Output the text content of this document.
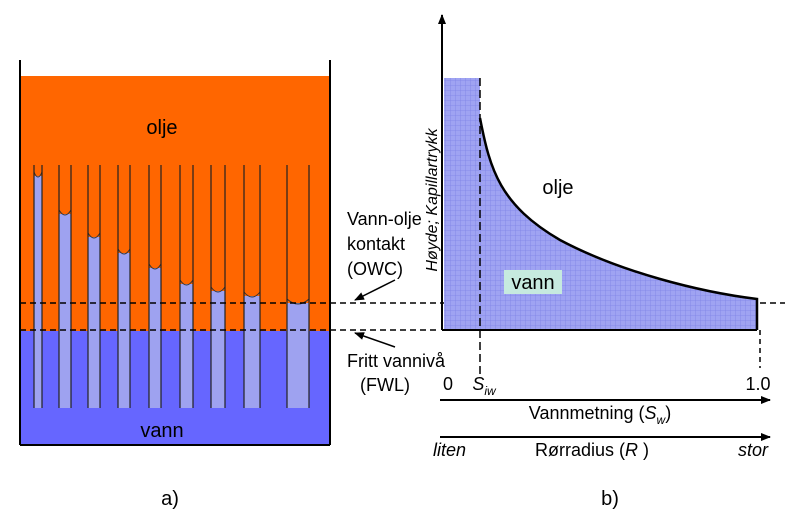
olje
vann
Vann-olje
kontakt
(OWC)
Fritt vannivå
(FWL)
a)
Høyde; Kapillartrykk	olje
vann
0 $S_{iw}$	1.0
Vannmetning $(S_w)$
liten	Rørradius (R )	stor
b)
